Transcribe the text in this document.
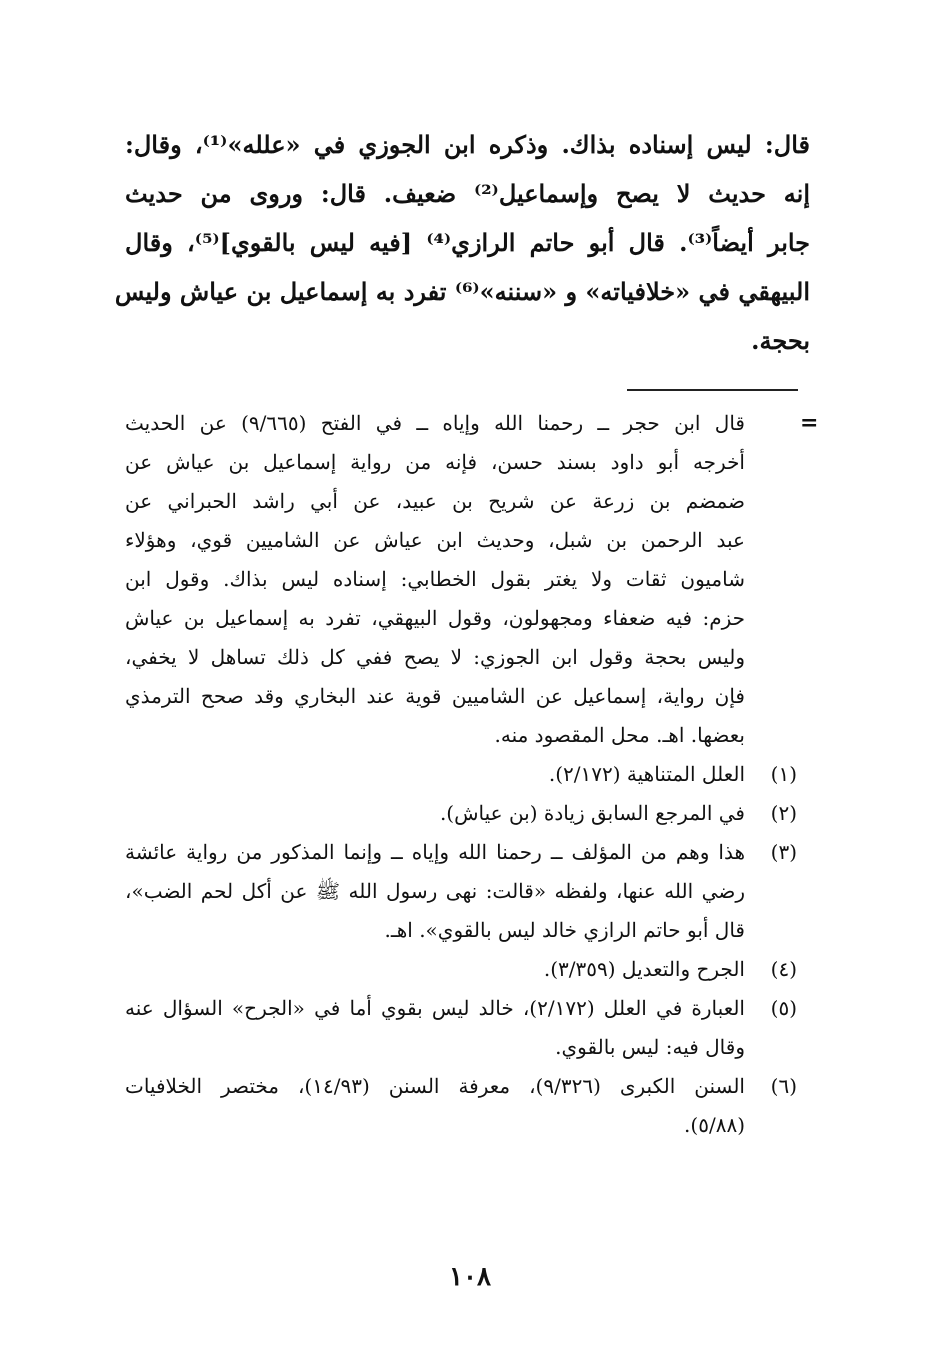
قال: ليس إسناده بذاك. وذكره ابن الجوزي في «علله»⁽¹⁾، وقال:
إنه حديث لا يصح وإسماعيل⁽²⁾ ضعيف. قال: وروى من حديث
جابر أيضاً⁽³⁾. قال أبو حاتم الرازي⁽⁴⁾ [فيه ليس بالقوي]⁽⁵⁾، وقال
البيهقي في «خلافياته» و «سننه»⁽⁶⁾ تفرد به إسماعيل بن عياش وليس
بحجة.
=
قال ابن حجر ــ رحمنا الله وإياه ــ في الفتح (٩/٦٦٥) عن الحديث
أخرجه أبو داود بسند حسن، فإنه من رواية إسماعيل بن عياش عن
ضمضم بن زرعة عن شريح بن عبيد، عن أبي راشد الحبراني عن
عبد الرحمن بن شبل، وحديث ابن عياش عن الشاميين قوي، وهؤلاء
شاميون ثقات ولا يغتر بقول الخطابي: إسناده ليس بذاك. وقول ابن
حزم: فيه ضعفاء ومجهولون، وقول البيهقي، تفرد به إسماعيل بن عياش
وليس بحجة وقول ابن الجوزي: لا يصح ففي كل ذلك تساهل لا يخفي،
فإن رواية، إسماعيل عن الشاميين قوية عند البخاري وقد صحح الترمذي
بعضها. اهـ. محل المقصود منه.
(١)
العلل المتناهية (٢/١٧٢).
(٢)
في المرجع السابق زيادة (بن عياش).
(٣)
هذا وهم من المؤلف ــ رحمنا الله وإياه ــ وإنما المذكور من رواية عائشة
رضي الله عنها، ولفظه «قالت: نهى رسول الله ﷺ عن أكل لحم الضب»،
قال أبو حاتم الرازي خالد ليس بالقوي». اهـ.
(٤)
الجرح والتعديل (٣/٣٥٩).
(٥)
العبارة في العلل (٢/١٧٢)، خالد ليس بقوي أما في «الجرح» السؤال عنه
وقال فيه: ليس بالقوي.
(٦)
السنن الكبرى (٩/٣٢٦)، معرفة السنن (١٤/٩٣)، مختصر الخلافيات
(٥/٨٨).
١٠٨
